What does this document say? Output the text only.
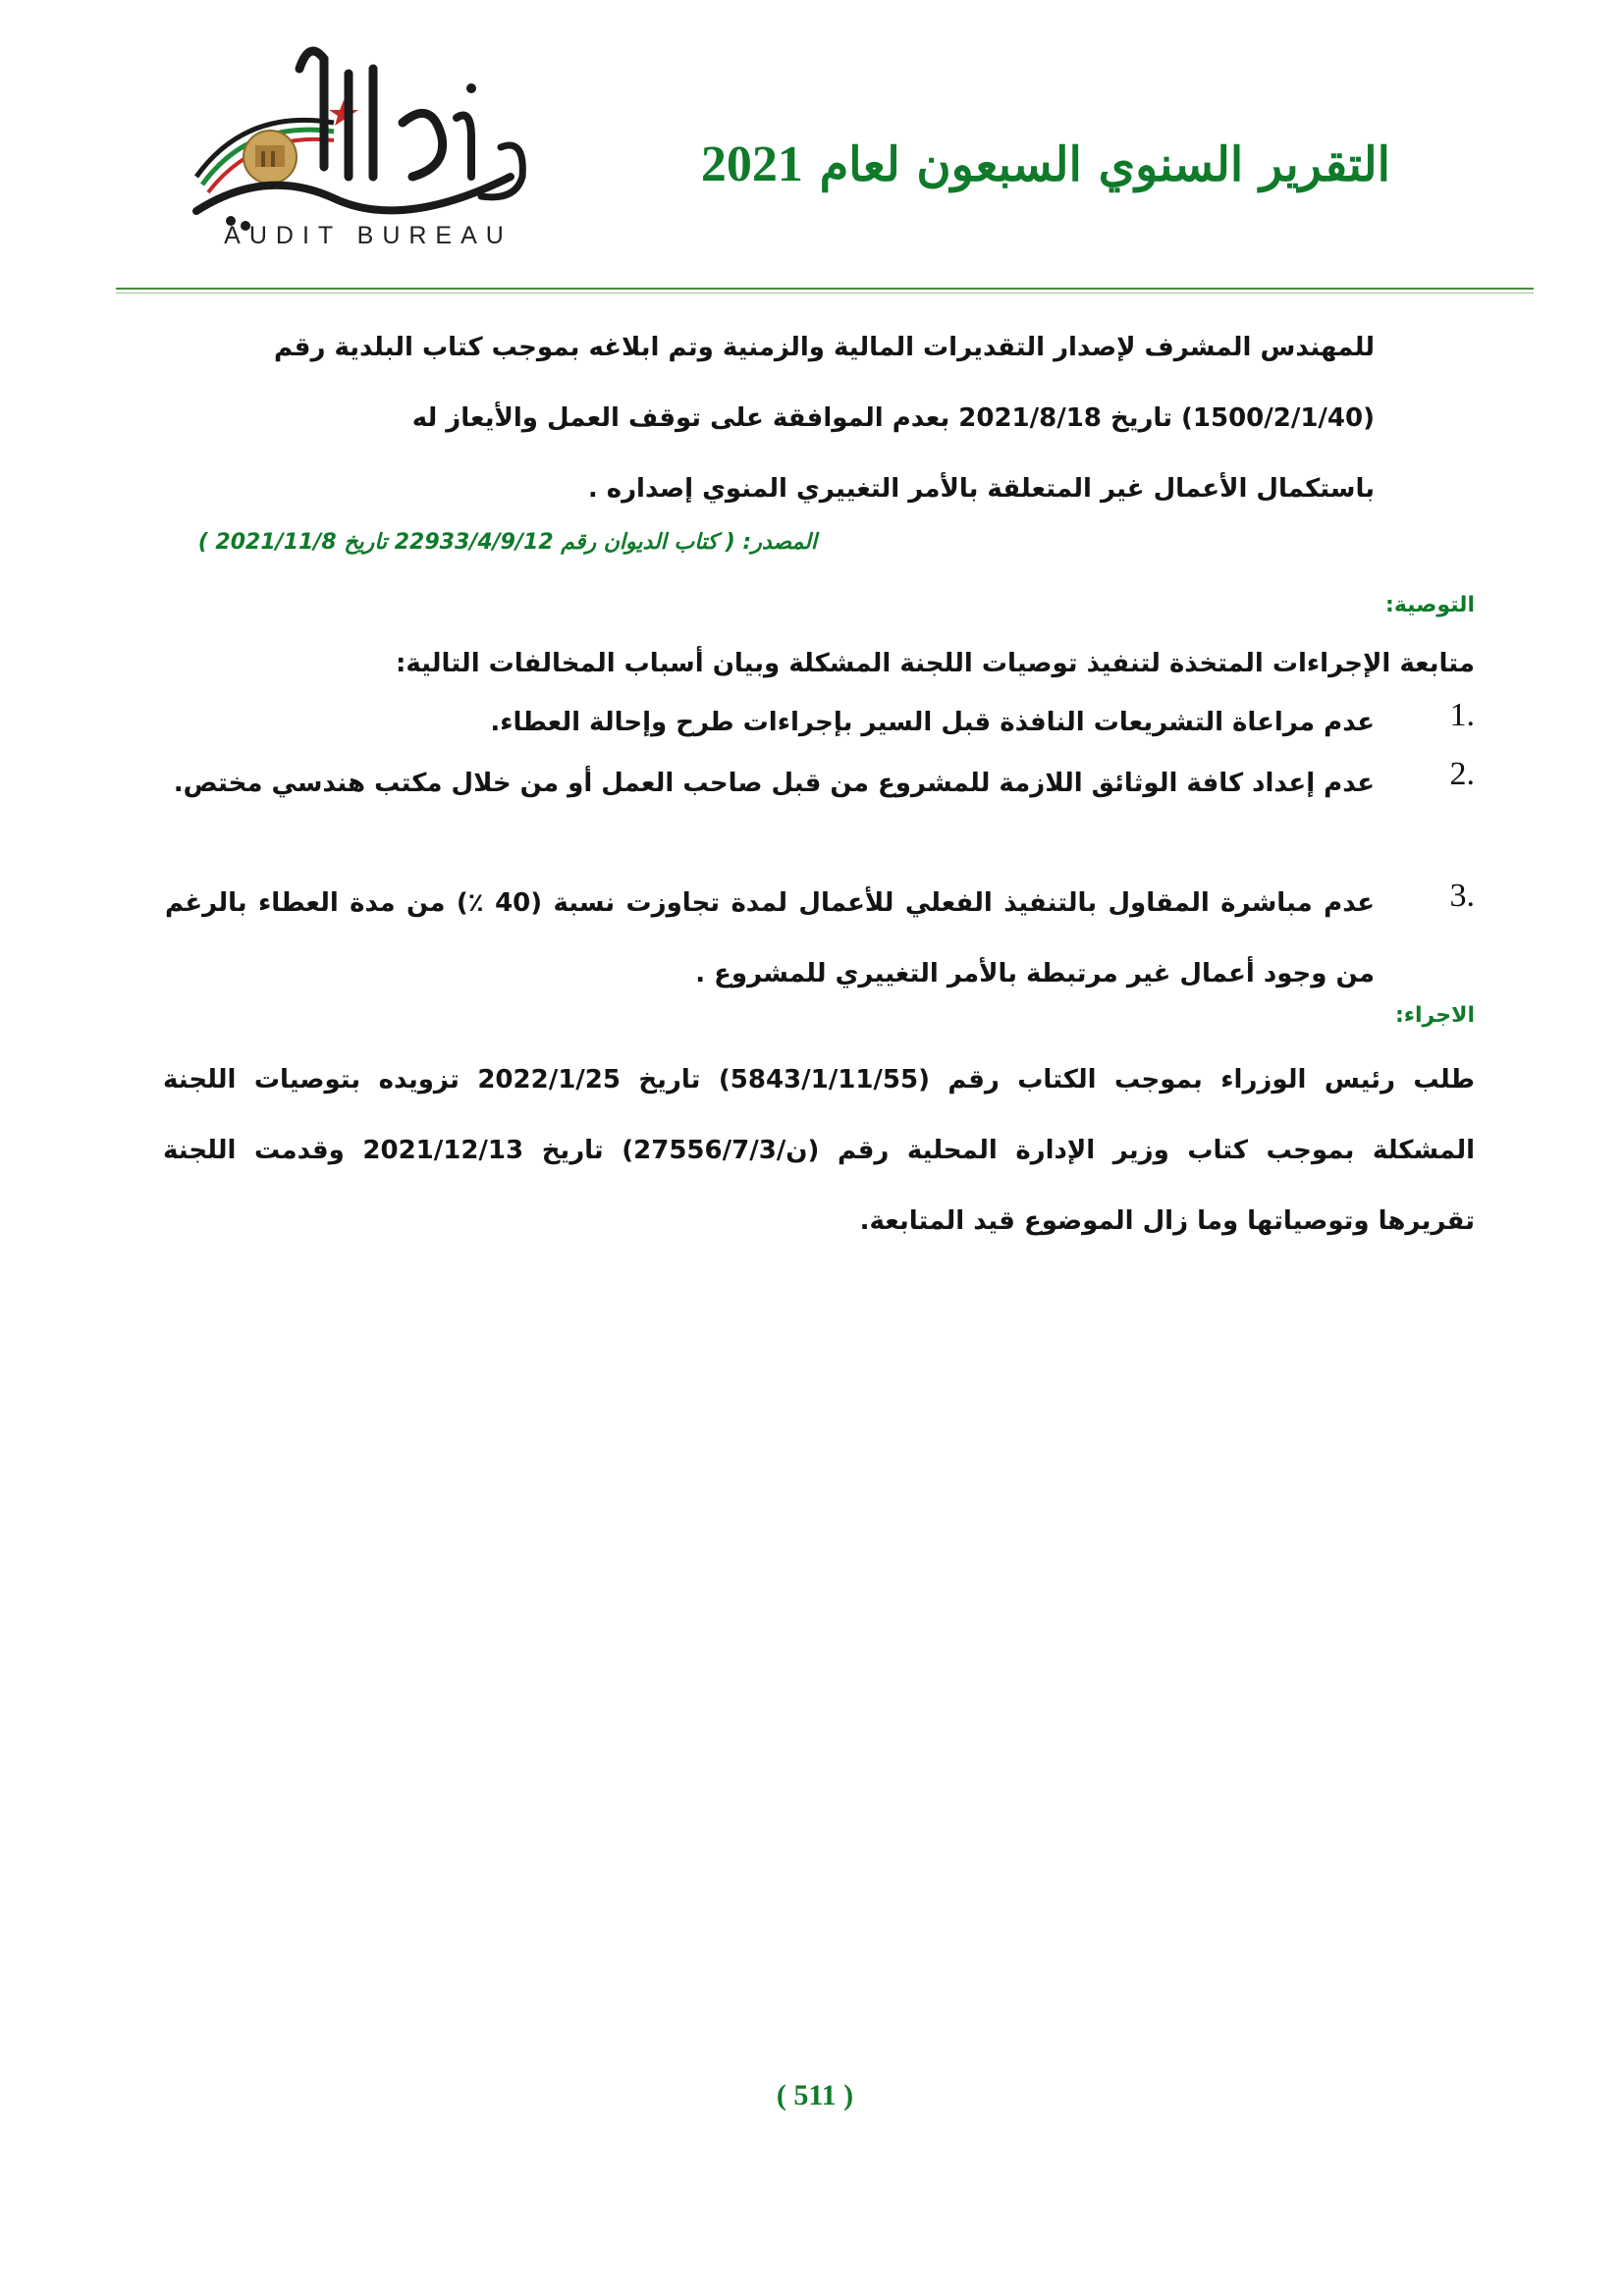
AUDIT BUREAU
التقرير السنوي السبعون لعام 2021
للمهندس المشرف لإصدار التقديرات المالية والزمنية وتم ابلاغه بموجب كتاب البلدية رقم
(1500/2/1/40) تاريخ 2021/8/18 بعدم الموافقة على توقف العمل والأيعاز له
باستكمال الأعمال غير المتعلقة بالأمر التغييري المنوي إصداره .
المصدر: ( كتاب الديوان رقم 22933/4/9/12 تاريخ 2021/11/8 )
التوصية:
متابعة الإجراءات المتخذة لتنفيذ توصيات اللجنة المشكلة وبيان أسباب المخالفات التالية:
1.
عدم مراعاة التشريعات النافذة قبل السير بإجراءات طرح وإحالة العطاء.
2.
عدم إعداد كافة الوثائق اللازمة للمشروع من قبل صاحب العمل أو من خلال مكتب هندسي مختص.
3.
عدم مباشرة المقاول بالتنفيذ الفعلي للأعمال لمدة تجاوزت نسبة (40 ٪) من مدة العطاء بالرغم من وجود أعمال غير مرتبطة بالأمر التغييري للمشروع .
الاجراء:
طلب رئيس الوزراء بموجب الكتاب رقم (5843/1/11/55) تاريخ 2022/1/25 تزويده بتوصيات اللجنة المشكلة بموجب كتاب وزير الإدارة المحلية رقم (ن/27556/7/3) تاريخ 2021/12/13 وقدمت اللجنة تقريرها وتوصياتها وما زال الموضوع قيد المتابعة.
( 511 )
